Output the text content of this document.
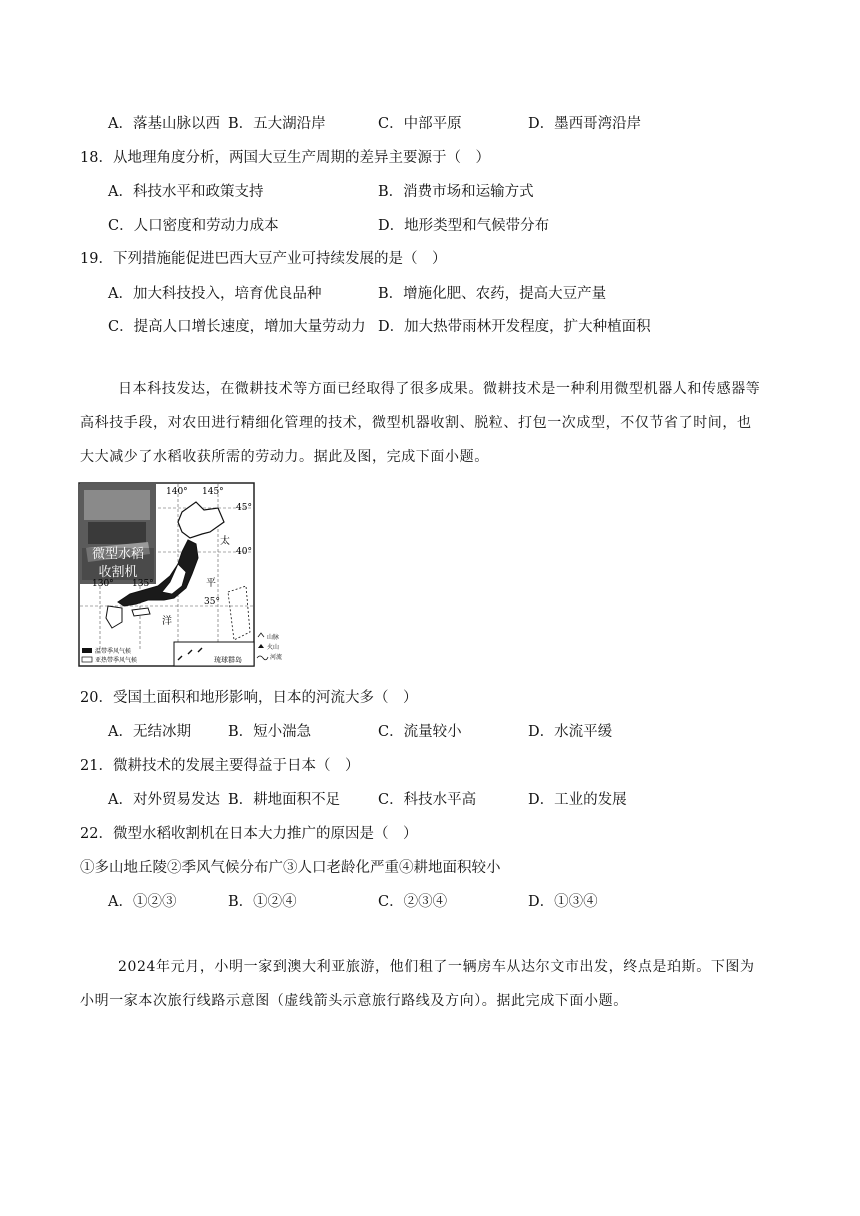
A．落基山脉以西 B．五大湖沿岸	C．中部平原	D．墨西哥湾沿岸
18．从地理角度分析，两国大豆生产周期的差异主要源于（　）
A．科技水平和政策支持	B．消费市场和运输方式
C．人口密度和劳动力成本	D．地形类型和气候带分布
19．下列措施能促进巴西大豆产业可持续发展的是（　）
A．加大科技投入，培育优良品种	B．增施化肥、农药，提高大豆产量
C．提高人口增长速度，增加大量劳动力 D．加大热带雨林开发程度，扩大种植面积
日本科技发达，在微耕技术等方面已经取得了很多成果。微耕技术是一种利用微型机器人和传感器等
高科技手段，对农田进行精细化管理的技术，微型机器收割、脱粒、打包一次成型，不仅节省了时间，也
大大减少了水稻收获所需的劳动力。据此及图，完成下面小题。
微型水稻
收割机
琉球群岛
140° 145°
130° 135°
45°
40°
35°
太
平
洋
温带季风气候
亚热带季风气候
山脉
火山
河流
20．受国土面积和地形影响，日本的河流大多（　）
A．无结冰期	B．短小湍急	C．流量较小	D．水流平缓
21．微耕技术的发展主要得益于日本（　）
A．对外贸易发达 B．耕地面积不足	C．科技水平高	D．工业的发展
22．微型水稻收割机在日本大力推广的原因是（　）
①多山地丘陵②季风气候分布广③人口老龄化严重④耕地面积较小
A．①②③	B．①②④	C．②③④	D．①③④
2024年元月，小明一家到澳大利亚旅游，他们租了一辆房车从达尔文市出发，终点是珀斯。下图为
小明一家本次旅行线路示意图（虚线箭头示意旅行路线及方向）。据此完成下面小题。
